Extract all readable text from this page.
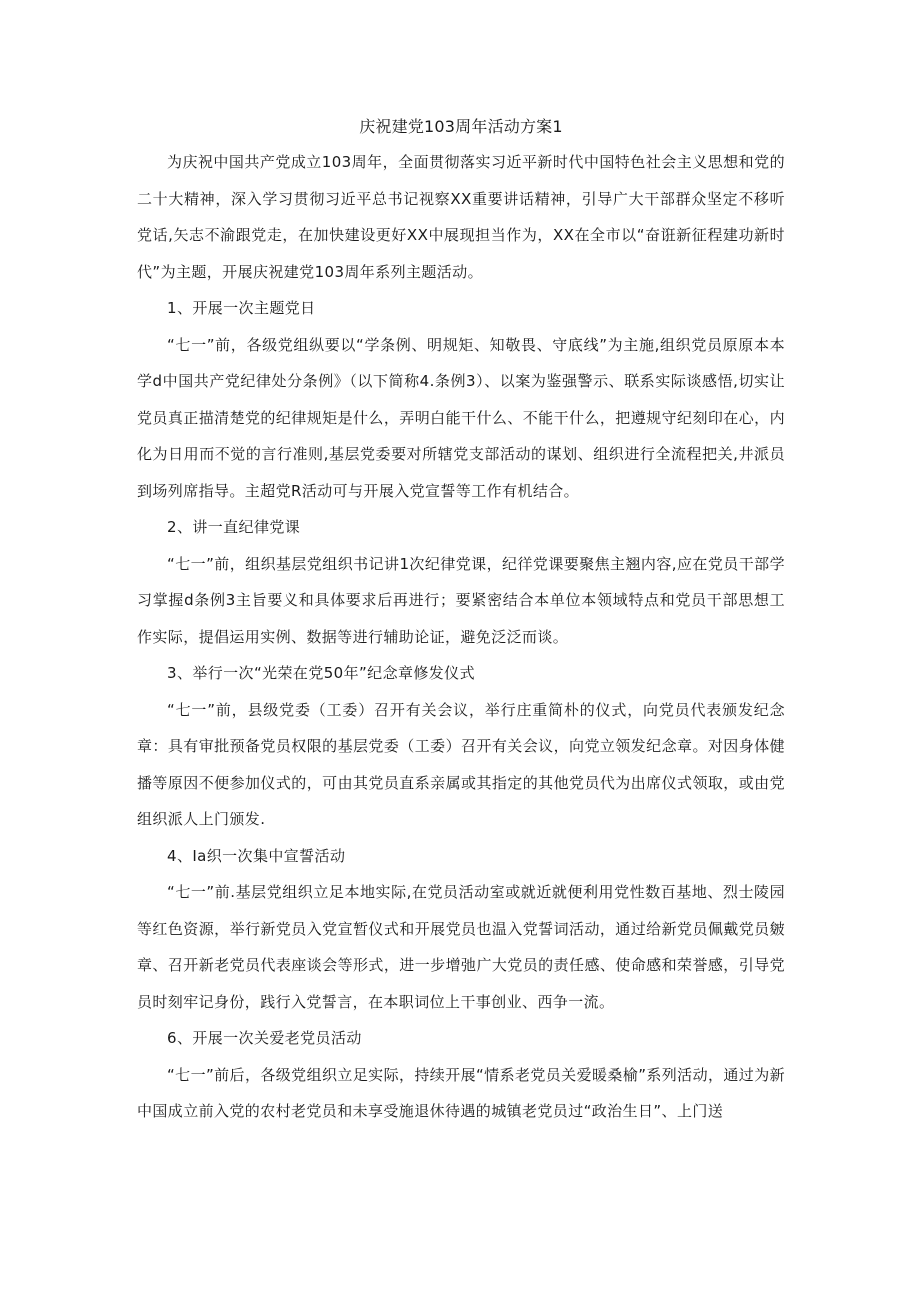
庆祝建党103周年活动方案1

为庆祝中国共产党成立103周年，全面贯彻落实习近平新时代中国特色社会主义思想和党的二十大精神，深入学习贯彻习近平总书记视察XX重要讲话精神，引导广大干部群众坚定不移听党话,矢志不渝跟党走，在加快建设更好XX中展现担当作为，XX在全市以“奋诳新征程建功新时代”为主题，开展庆祝建党103周年系列主题活动。

1、开展一次主题党日

“七一”前，各级党组纵要以“学条例、明规矩、知敬畏、守底线”为主施,组织党员原原本本学d中国共产党纪律处分条例》（以下简称4.条例3）、以案为鉴强警示、联系实际谈感悟,切实让党员真正描清楚党的纪律规矩是什么，弄明白能干什么、不能干什么，把遵规守纪刻印在心，内化为日用而不觉的言行准则,基层党委要对所辖党支部活动的谋划、组织进行全流程把关,井派员到场列席指导。主超党R活动可与开展入党宣誓等工作有机结合。

2、讲一直纪律党课

“七一”前，组织基层党组织书记讲1次纪律党课，纪徉党课要聚焦主翘内容,应在党员干部学习掌握d条例3主旨要义和具体要求后再进行；要紧密结合本单位本领域特点和党员干部思想工作实际，提倡运用实例、数据等进行辅助论证，避免泛泛而谈。

3、举行一次“光荣在党50年”纪念章修发仪式

“七一”前，县级党委（工委）召开有关会议，举行庄重简朴的仪式，向党员代表颁发纪念章：具有审批预备党员权限的基层党委（工委）召开有关会议，向党立领发纪念章。对因身体健播等原因不便参加仪式的，可由其党员直系亲属或其指定的其他党员代为出席仪式领取，或由党组织派人上门颁发.

4、Ia织一次集中宣誓活动

“七一”前.基层党组织立足本地实际,在党员活动室或就近就便利用党性数百基地、烈士陵园等红色资源，举行新党员入党宣暂仪式和开展党员也温入党誓词活动，通过给新党员佩戴党员皴章、召开新老党员代表座谈会等形式，进一步增弛广大党员的责任感、使命感和荣誉感，引导党员时刻牢记身份，践行入党誓言，在本职词位上干事创业、西争一流。

6、开展一次关爱老党员活动

“七一”前后，各级党组织立足实际，持续开展“情系老党员关爱暖桑榆”系列活动，通过为新中国成立前入党的农村老党员和未享受施退休待遇的城镇老党员过“政治生日”、上门送
